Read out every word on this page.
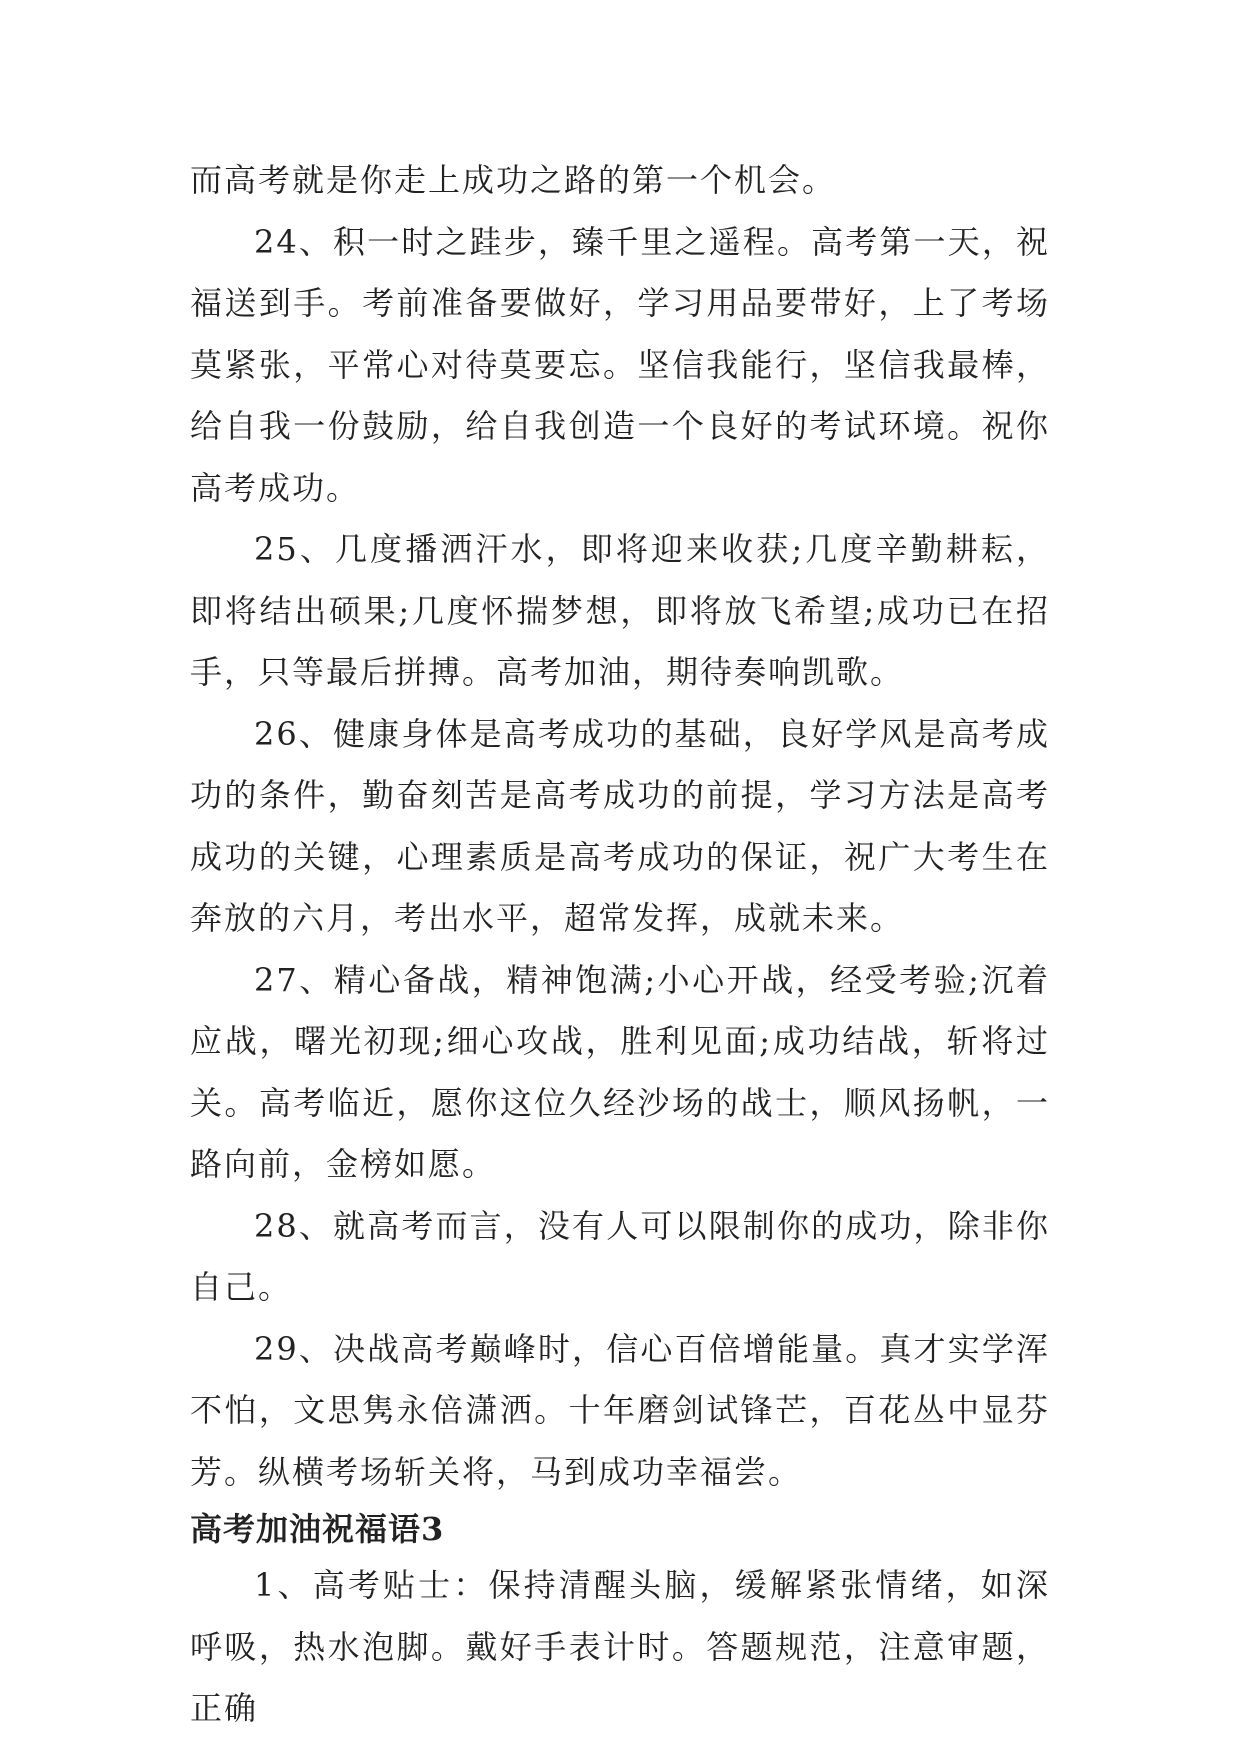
而高考就是你走上成功之路的第一个机会。

24、积一时之跬步，臻千里之遥程。高考第一天，祝福送到手。考前准备要做好，学习用品要带好，上了考场莫紧张，平常心对待莫要忘。坚信我能行，坚信我最棒，给自我一份鼓励，给自我创造一个良好的考试环境。祝你高考成功。

25、几度播洒汗水，即将迎来收获;几度辛勤耕耘，即将结出硕果;几度怀揣梦想，即将放飞希望;成功已在招手，只等最后拼搏。高考加油，期待奏响凯歌。

26、健康身体是高考成功的基础，良好学风是高考成功的条件，勤奋刻苦是高考成功的前提，学习方法是高考成功的关键，心理素质是高考成功的保证，祝广大考生在奔放的六月，考出水平，超常发挥，成就未来。

27、精心备战，精神饱满;小心开战，经受考验;沉着应战，曙光初现;细心攻战，胜利见面;成功结战，斩将过关。高考临近，愿你这位久经沙场的战士，顺风扬帆，一路向前，金榜如愿。

28、就高考而言，没有人可以限制你的成功，除非你自己。

29、决战高考巅峰时，信心百倍增能量。真才实学浑不怕，文思隽永倍潇洒。十年磨剑试锋芒，百花丛中显芬芳。纵横考场斩关将，马到成功幸福尝。

高考加油祝福语3

1、高考贴士：保持清醒头脑，缓解紧张情绪，如深呼吸，热水泡脚。戴好手表计时。答题规范，注意审题，正确
